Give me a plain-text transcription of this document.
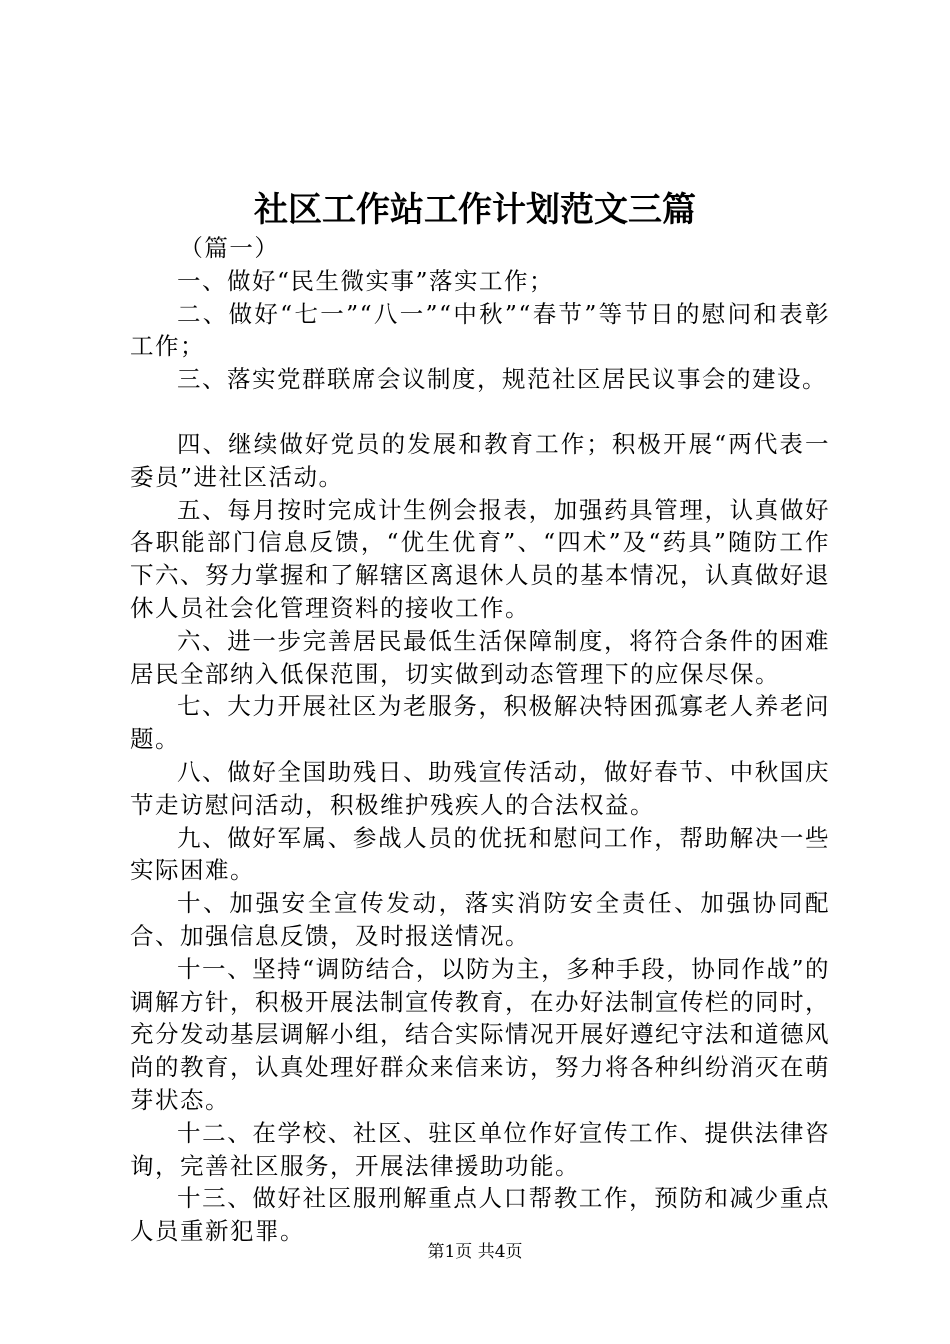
社区工作站工作计划范文三篇

（篇一）

一、做好“民生微实事”落实工作；

二、做好“七一”“八一”“中秋”“春节”等节日的慰问和表彰工作；

三、落实党群联席会议制度，规范社区居民议事会的建设。

四、继续做好党员的发展和教育工作；积极开展“两代表一委员”进社区活动。

五、每月按时完成计生例会报表，加强药具管理，认真做好各职能部门信息反馈，“优生优育”、“四术”及“药具”随防工作下六、努力掌握和了解辖区离退休人员的基本情况，认真做好退休人员社会化管理资料的接收工作。

六、进一步完善居民最低生活保障制度，将符合条件的困难居民全部纳入低保范围，切实做到动态管理下的应保尽保。

七、大力开展社区为老服务，积极解决特困孤寡老人养老问题。

八、做好全国助残日、助残宣传活动，做好春节、中秋国庆节走访慰问活动，积极维护残疾人的合法权益。

九、做好军属、参战人员的优抚和慰问工作，帮助解决一些实际困难。

十、加强安全宣传发动，落实消防安全责任、加强协同配合、加强信息反馈，及时报送情况。

十一、坚持“调防结合，以防为主，多种手段，协同作战”的调解方针，积极开展法制宣传教育，在办好法制宣传栏的同时，充分发动基层调解小组，结合实际情况开展好遵纪守法和道德风尚的教育，认真处理好群众来信来访，努力将各种纠纷消灭在萌芽状态。

十二、在学校、社区、驻区单位作好宣传工作、提供法律咨询，完善社区服务，开展法律援助功能。

十三、做好社区服刑解重点人口帮教工作，预防和减少重点人员重新犯罪。

第1页 共4页
